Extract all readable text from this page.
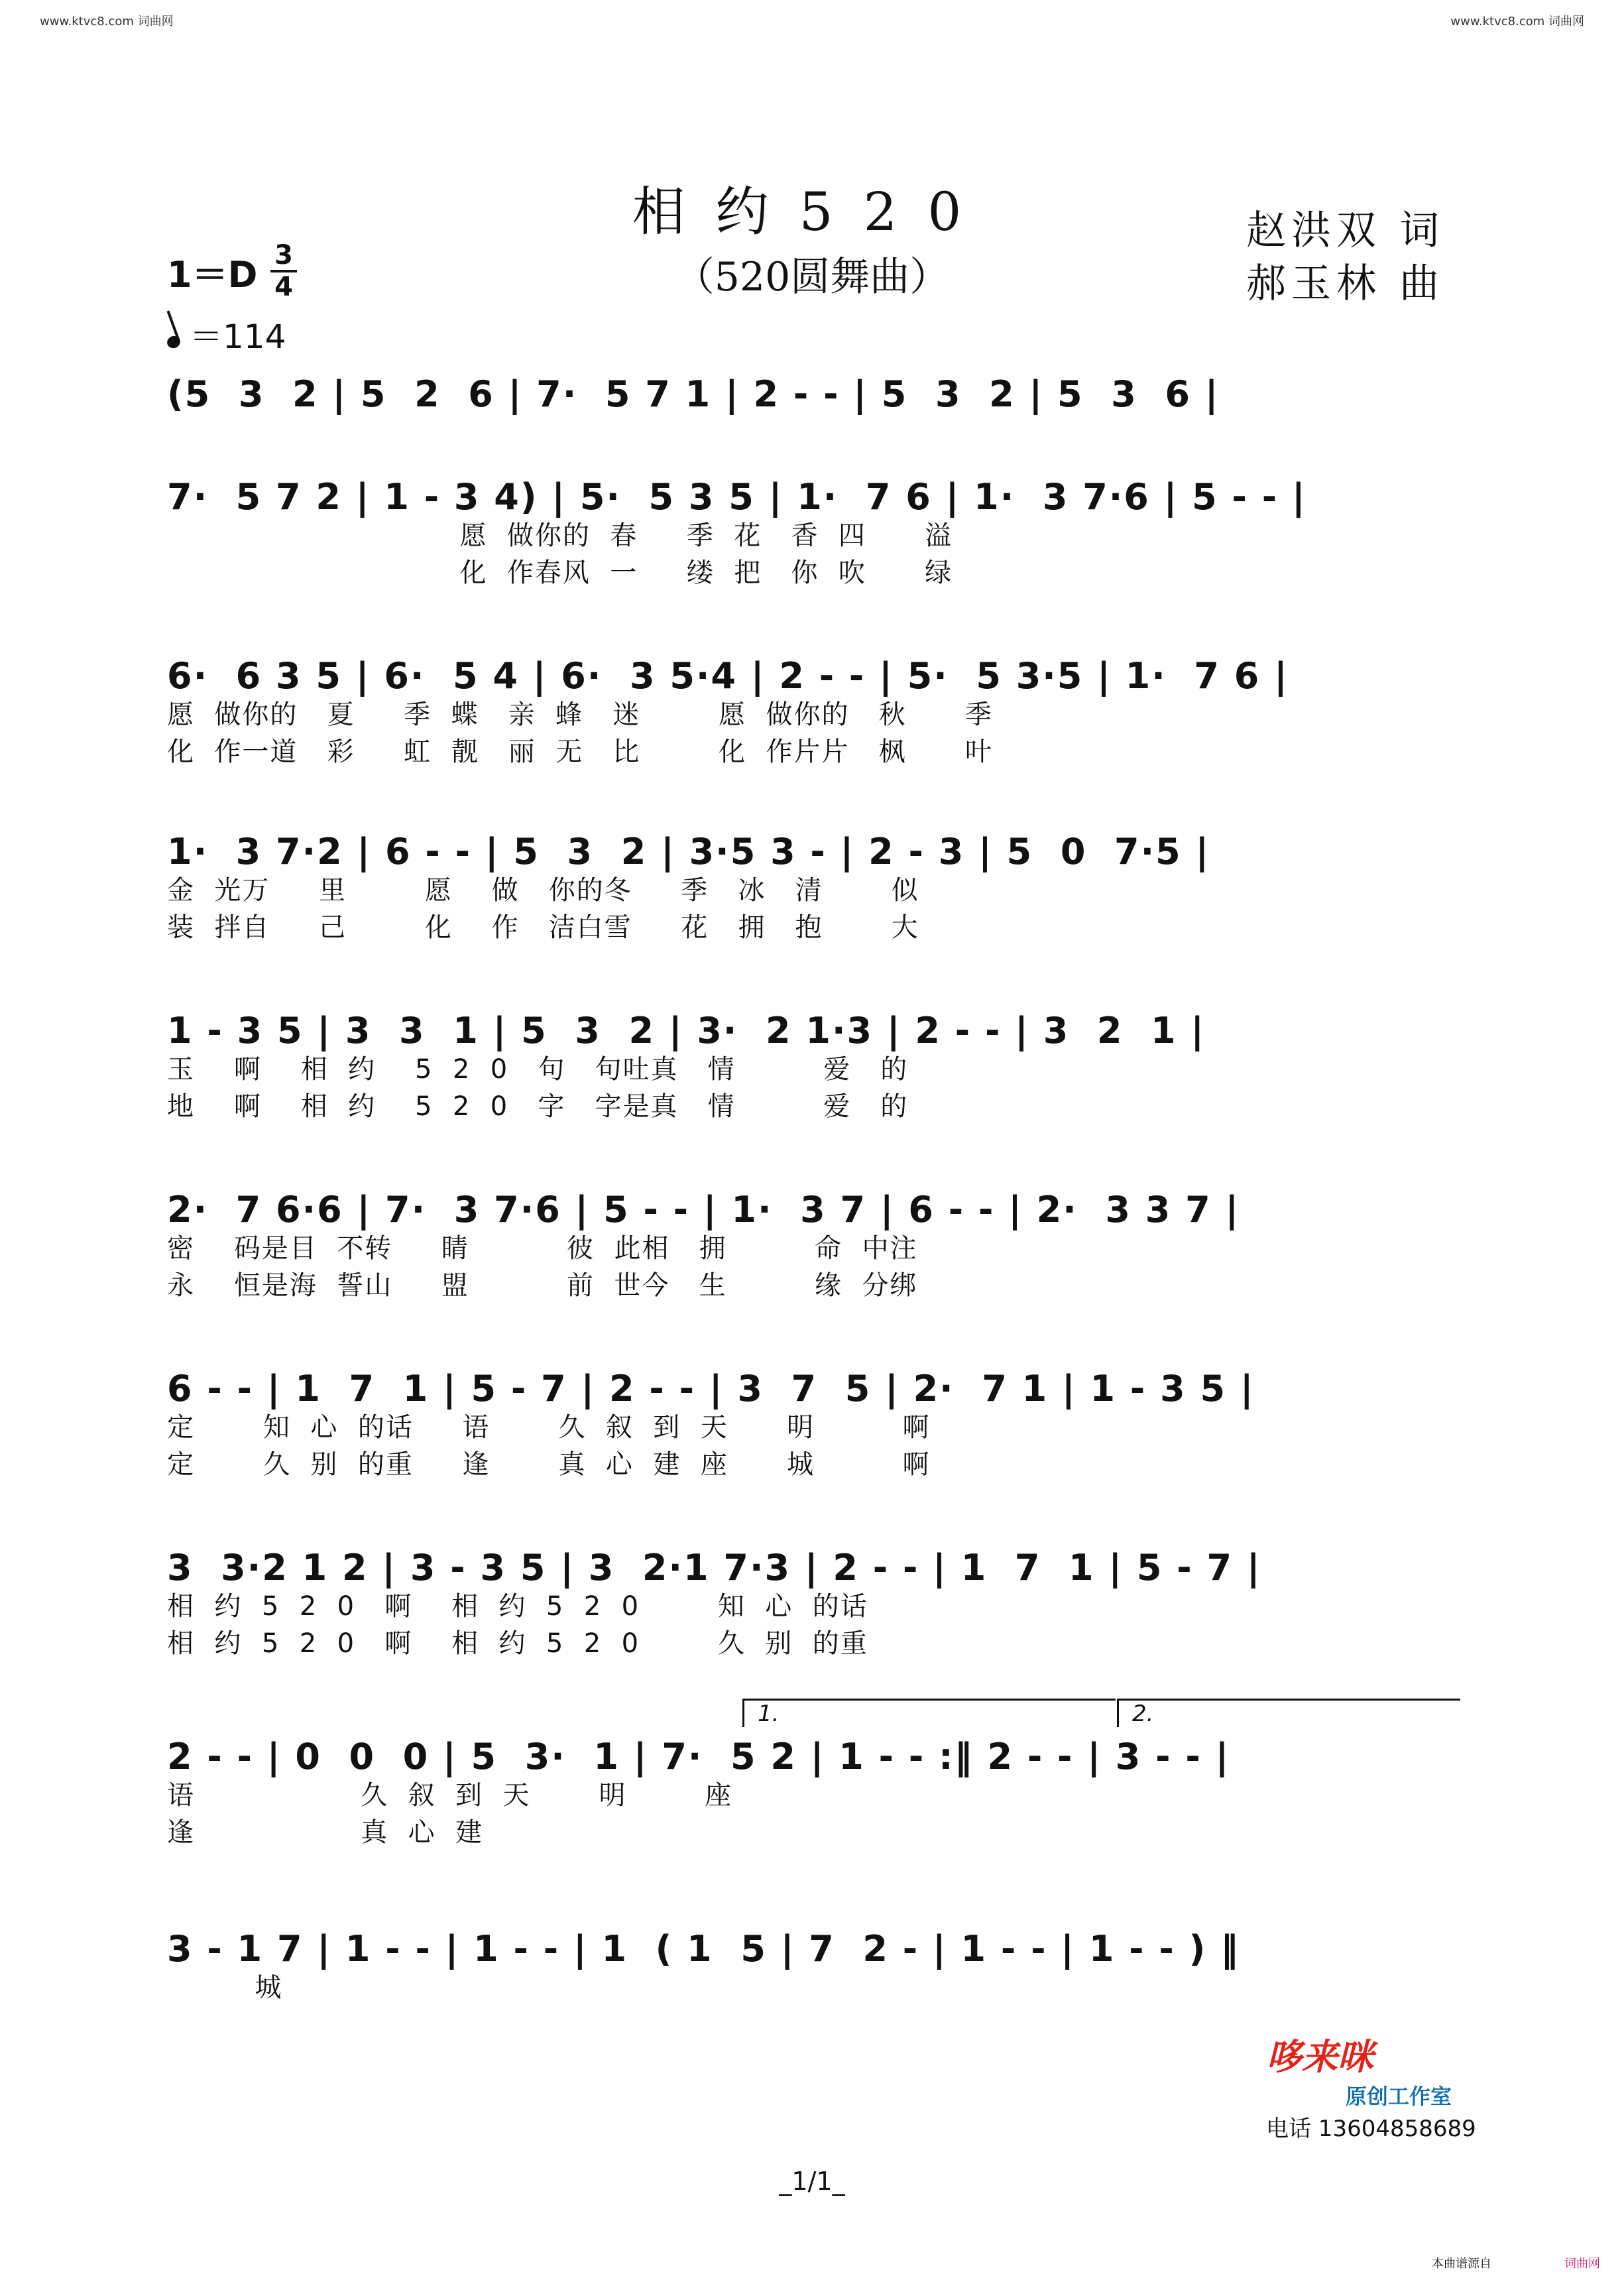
www.ktvc8.com 词曲网	www.ktvc8.com 词曲网
相约520
（520圆舞曲）
赵洪双 词
郝玉林 曲
1＝D 3
4
＝114
(5  3  2 | 5  2  6 | 7·  5 7 1 | 2 - - | 5  3  2 | 5  3  6 |
7·  5 7 2 | 1 - 3 4) | 5·  5 3 5 | 1·  7 6 | 1·  3 7·6 | 5 - - |
愿  做你的  春     季  花   香  四      溢
化  作春风  一     缕  把   你  吹      绿
6·  6 3 5 | 6·  5 4 | 6·  3 5·4 | 2 - - | 5·  5 3·5 | 1·  7 6 |
愿  做你的   夏     季  蝶   亲  蜂   迷        愿  做你的   秋      季
化  作一道   彩     虹  靓   丽  无   比        化  作片片   枫      叶
1·  3 7·2 | 6 - - | 5  3  2 | 3·5 3 - | 2 - 3 | 5  0  7·5 |
金  光万     里        愿    做   你的冬     季   冰   清       似
装  拌自     己        化    作   洁白雪     花   拥   抱       大
1 - 3 5 | 3  3  1 | 5  3  2 | 3·  2 1·3 | 2 - - | 3  2  1 |
玉    啊    相  约    5  2  0   句   句吐真   情         爱   的
地    啊    相  约    5  2  0   字   字是真   情         爱   的
2·  7 6·6 | 7·  3 7·6 | 5 - - | 1·  3 7 | 6 - - | 2·  3 3 7 |
密    码是目  不转     睛          彼  此相   拥         命  中注
永    恒是海  誓山     盟          前  世今   生         缘  分绑
6 - - | 1  7  1 | 5 - 7 | 2 - - | 3  7  5 | 2·  7 1 | 1 - 3 5 |
定       知  心  的话     语       久  叙  到  天      明         啊
定       久  别  的重     逢       真  心  建  座      城         啊
3  3·2 1 2 | 3 - 3 5 | 3  2·1 7·3 | 2 - - | 1  7  1 | 5 - 7 |
相  约  5  2  0   啊    相  约  5  2  0        知  心  的话
相  约  5  2  0   啊    相  约  5  2  0        久  别  的重
1.	2.
2 - - | 0  0  0 | 5  3·  1 | 7·  5 2 | 1 - - :‖ 2 - - | 3 - - |
语                 久  叙  到  天       明        座
逢                 真  心  建
3 - 1 7 | 1 - - | 1 - - | 1  ( 1  5 | 7  2 - | 1 - - | 1 - - ) ‖
城
哆来咪
原创工作室
电话 13604858689
_1/1_
本曲谱源自	词曲网
